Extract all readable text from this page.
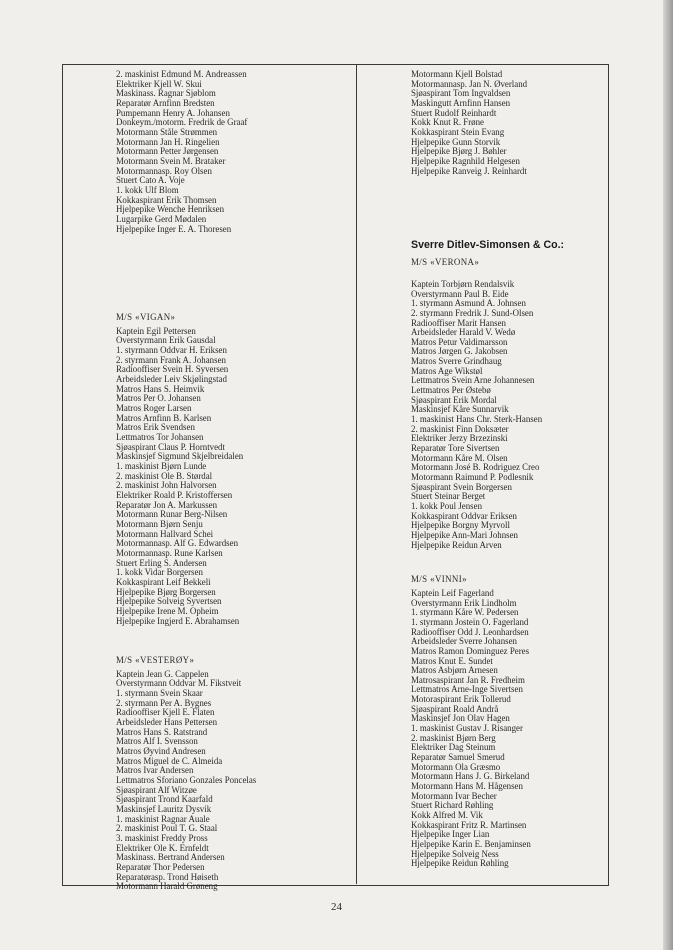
2. maskinist Edmund M. Andreassen
Elektriker Kjell W. Skui
Maskinass. Ragnar Sjøblom
Reparatør Arnfinn Bredsten
Pumpemann Henry A. Johansen
Donkeym./motorm. Fredrik de Graaf
Motormann Ståle Strømmen
Motormann Jan H. Ringelien
Motormann Petter Jørgensen
Motormann Svein M. Brataker
Motormannasp. Roy Olsen
Stuert Cato A. Voje
1. kokk Ulf Blom
Kokkaspirant Erik Thomsen
Hjelpepike Wenche Henriksen
Lugarpike Gerd Mødalen
Hjelpepike Inger E. A. Thoresen
M/S «VIGAN»
Kaptein Egil Pettersen
Overstyrmann Erik Gausdal
1. styrmann Oddvar H. Eriksen
2. styrmann Frank A. Johansen
Radiooffiser Svein H. Syversen
Arbeidsleder Leiv Skjølingstad
Matros Hans S. Heimvik
Matros Per O. Johansen
Matros Roger Larsen
Matros Arnfinn B. Karlsen
Matros Erik Svendsen
Lettmatros Tor Johansen
Sjøaspirant Claus P. Horntvedt
Maskinsjef Sigmund Skjelbreidalen
1. maskinist Bjørn Lunde
2. maskinist Ole B. Størdal
2. maskinist John Halvorsen
Elektriker Roald P. Kristoffersen
Reparatør Jon A. Markussen
Motormann Runar Berg-Nilsen
Motormann Bjørn Senju
Motormann Hallvard Schei
Motormannasp. Alf G. Edwardsen
Motormannasp. Rune Karlsen
Stuert Erling S. Andersen
1. kokk Vidar Borgersen
Kokkaspirant Leif Bekkeli
Hjelpepike Bjørg Borgersen
Hjelpepike Solveig Syvertsen
Hjelpepike Irene M. Opheim
Hjelpepike Ingjerd E. Abrahamsen
M/S «VESTERØY»
Kaptein Jean G. Cappelen
Overstyrmann Oddvar M. Fikstveit
1. styrmann Svein Skaar
2. styrmann Per A. Bygnes
Radiooffiser Kjell E. Flaten
Arbeidsleder Hans Pettersen
Matros Hans S. Ratstrand
Matros Alf I. Svensson
Matros Øyvind Andresen
Matros Miguel de C. Almeida
Matros Ivar Andersen
Lettmatros Sforiano Gonzales Poncelas
Sjøaspirant Alf Witzøe
Sjøaspirant Trond Kaarfald
Maskinsjef Lauritz Dysvik
1. maskinist Ragnar Auale
2. maskinist Poul T. G. Staal
3. maskinist Freddy Pross
Elektriker Ole K. Ernfeldt
Maskinass. Bertrand Andersen
Reparatør Thor Pedersen
Reparatørasp. Trond Høiseth
Motormann Harald Grøneng
Motormann Kjell Bolstad
Motormannasp. Jan N. Øverland
Sjøaspirant Tom Ingvaldsen
Maskingutt Arnfinn Hansen
Stuert Rudolf Reinhardt
Kokk Knut R. Frøne
Kokkaspirant Stein Evang
Hjelpepike Gunn Storvik
Hjelpepike Bjørg J. Bøhler
Hjelpepike Ragnhild Helgesen
Hjelpepike Ranveig J. Reinhardt
Sverre Ditlev-Simonsen & Co.:
M/S «VERONA»
Kaptein Torbjørn Rendalsvik
Overstyrmann Paul B. Eide
1. styrmann Asmund A. Johnsen
2. styrmann Fredrik J. Sund-Olsen
Radiooffiser Marit Hansen
Arbeidsleder Harald V. Wedø
Matros Petur Valdimarsson
Matros Jørgen G. Jakobsen
Matros Sverre Grindhaug
Matros Age Wikstøl
Lettmatros Svein Arne Johannesen
Lettmatros Per Østebø
Sjøaspirant Erik Mordal
Maskinsjef Kåre Sunnarvik
1. maskinist Hans Chr. Sterk-Hansen
2. maskinist Finn Doksæter
Elektriker Jerzy Brzezinski
Reparatør Tore Sivertsen
Motormann Kåre M. Olsen
Motormann José B. Rodriguez Creo
Motormann Raimund P. Podlesnik
Sjøaspirant Svein Borgersen
Stuert Steinar Berget
1. kokk Poul Jensen
Kokkaspirant Oddvar Eriksen
Hjelpepike Borgny Myrvoll
Hjelpepike Ann-Mari Johnsen
Hjelpepike Reidun Arven
M/S «VINNI»
Kaptein Leif Fagerland
Overstyrmann Erik Lindholm
1. styrmann Kåre W. Pedersen
1. styrmann Jostein O. Fagerland
Radiooffiser Odd J. Leonhardsen
Arbeidsleder Sverre Johansen
Matros Ramon Dominguez Peres
Matros Knut E. Sundet
Matros Asbjørn Arnesen
Matrosaspirant Jan R. Fredheim
Lettmatros Arne-Inge Sivertsen
Motoraspirant Erik Tollerud
Sjøaspirant Roald Andrå
Maskinsjef Jon Olav Hagen
1. maskinist Gustav J. Risanger
2. maskinist Bjørn Berg
Elektriker Dag Steinum
Reparatør Samuel Smerud
Motormann Ola Græsmo
Motormann Hans J. G. Birkeland
Motormann Hans M. Hågensen
Motormann Ivar Becher
Stuert Richard Røhling
Kokk Alfred M. Vik
Kokkaspirant Fritz R. Martinsen
Hjelpepike Inger Lian
Hjelpepike Karin E. Benjaminsen
Hjelpepike Solveig Ness
Hjelpepike Reidun Røhling
24
